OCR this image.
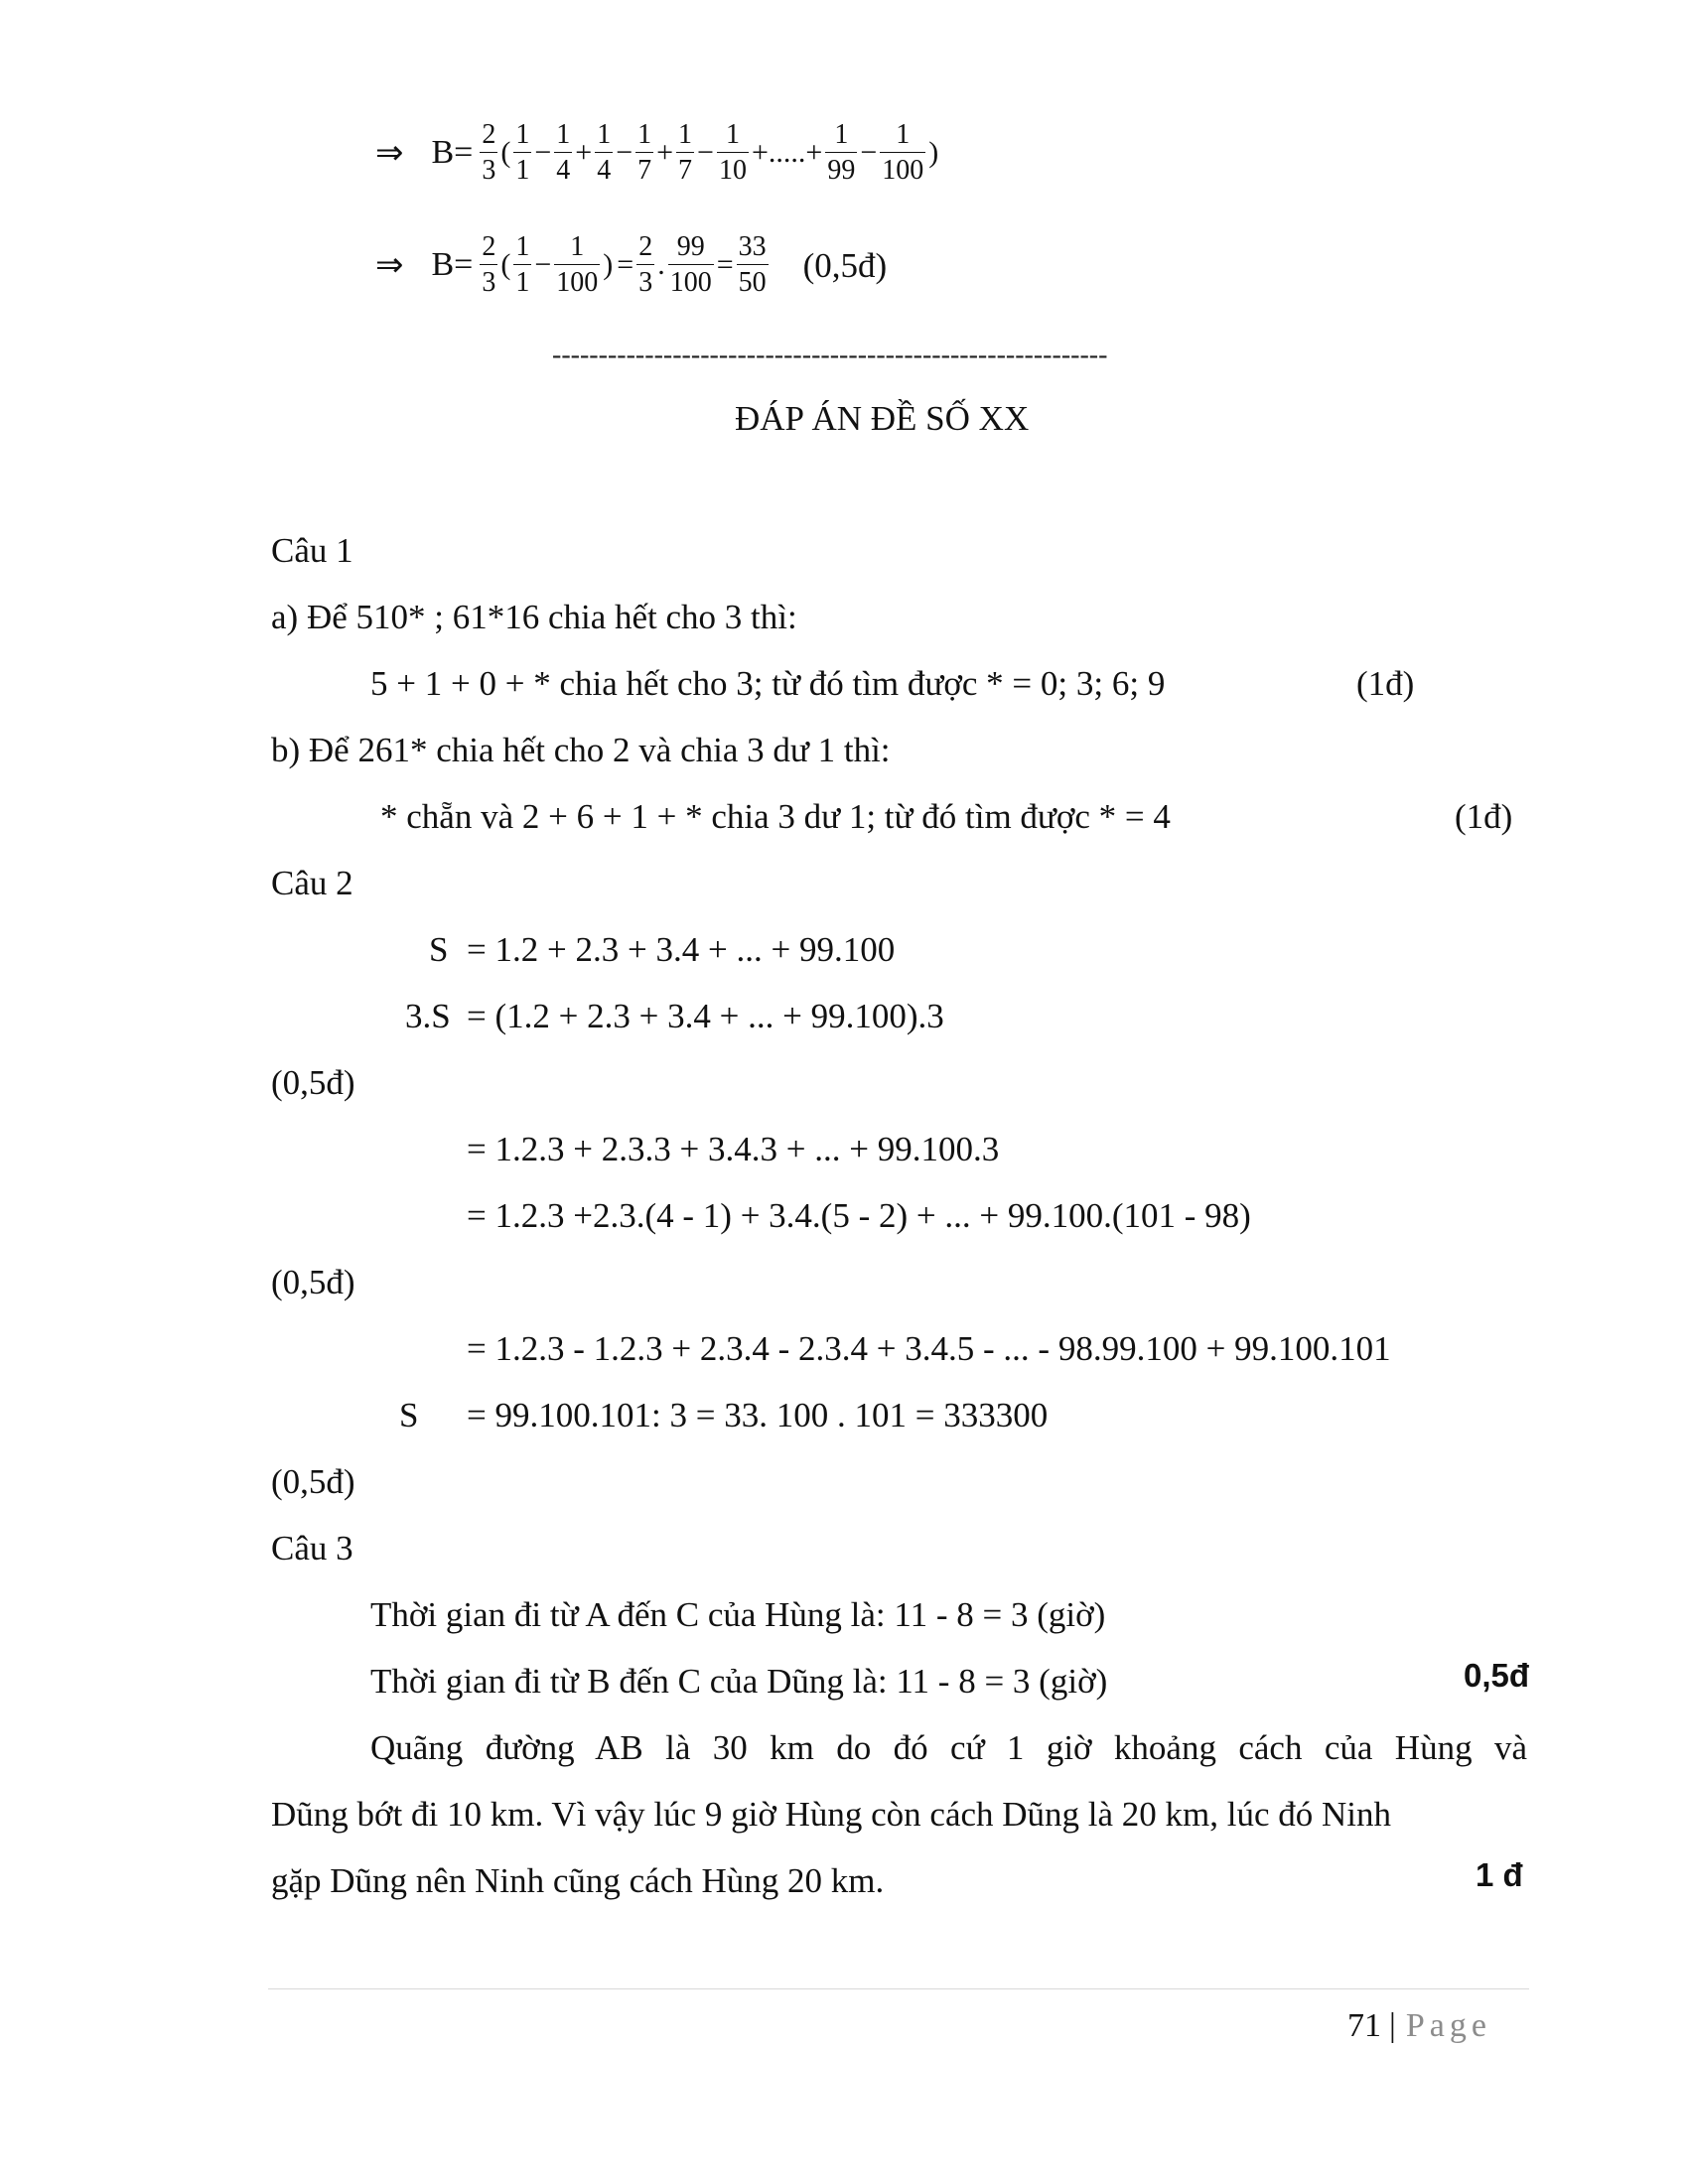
⇒ $B= \frac{2}{3}$ ( $\frac{1}{1} - \frac{1}{4} + \frac{1}{4} - \frac{1}{7} + \frac{1}{7} - \frac{1}{10}$ +.....+ $\frac{1}{99} - \frac{1}{100}$ )
⇒ $B= \frac{2}{3}$ ( $\frac{1}{1} - \frac{1}{100}$ ) = $\frac{2}{3}$ . $\frac{99}{100} = \frac{33}{50}$ (0,5đ)
------------------------------------------------------------
ĐÁP ÁN ĐỀ SỐ XX
Câu 1
a) Để 510* ; 61*16 chia hết cho 3 thì:
5 + 1 + 0 + * chia hết cho 3; từ đó tìm được * = 0; 3; 6; 9	(1đ)
b) Để 261* chia hết cho 2 và chia 3 dư 1 thì:
* chẵn và 2 + 6 + 1 + * chia 3 dư 1; từ đó tìm được * = 4	(1đ)
Câu 2
S = 1.2 + 2.3 + 3.4 + ... + 99.100
3.S = (1.2 + 2.3 + 3.4 + ... + 99.100).3
(0,5đ)
= 1.2.3 + 2.3.3 + 3.4.3 + ... + 99.100.3
= 1.2.3 +2.3.(4 - 1) + 3.4.(5 - 2) + ... + 99.100.(101 - 98)
(0,5đ)
= 1.2.3 - 1.2.3 + 2.3.4 - 2.3.4 + 3.4.5 - ... - 98.99.100 + 99.100.101
S = 99.100.101: 3 = 33. 100 . 101 = 333300
(0,5đ)
Câu 3
Thời gian đi từ A đến C của Hùng là: 11 - 8 = 3 (giờ)
Thời gian đi từ B đến C của Dũng là: 11 - 8 = 3 (giờ)	0,5đ
Quãng đường AB là 30 km do đó cứ 1 giờ khoảng cách của Hùng và
Dũng bớt đi 10 km. Vì vậy lúc 9 giờ Hùng còn cách Dũng là 20 km, lúc đó Ninh
gặp Dũng nên Ninh cũng cách Hùng 20 km.	1 đ
71 | Page
